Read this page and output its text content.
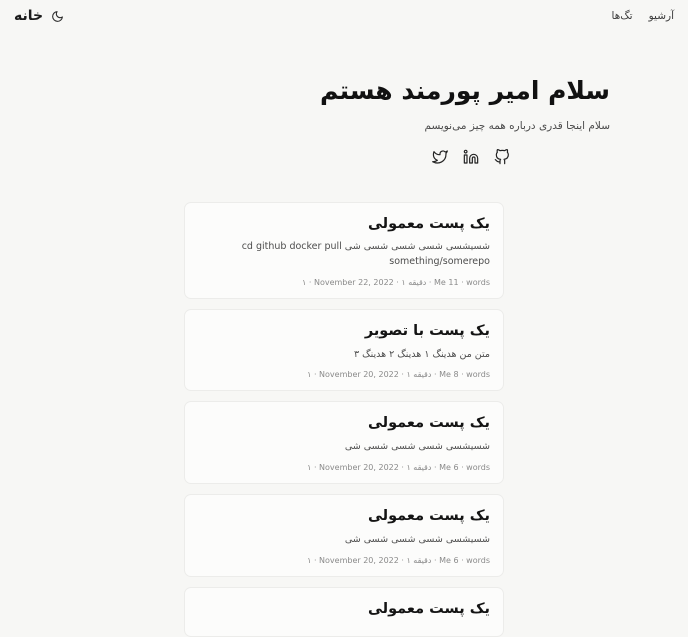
آرشیو
تگ‌ها
خانه
سلام امیر پورمند هستم

سلام اینجا قدری درباره همه چیز می‌نویسم

یک پست معمولی

شسیشسی شسی شسی شسی شی cd github docker pull something/somerepo

۱ · November 22, 2022 · دقیقه ۱ · Me 11 · words

یک پست با تصویر

متن من هدینگ ۱ هدینگ ۲ هدینگ ۳

۱ · November 20, 2022 · دقیقه ۱ · Me 8 · words

یک پست معمولی

شسیشسی شسی شسی شسی شی

۱ · November 20, 2022 · دقیقه ۱ · Me 6 · words

یک پست معمولی

شسیشسی شسی شسی شسی شی

۱ · November 20, 2022 · دقیقه ۱ · Me 6 · words

یک پست معمولی
